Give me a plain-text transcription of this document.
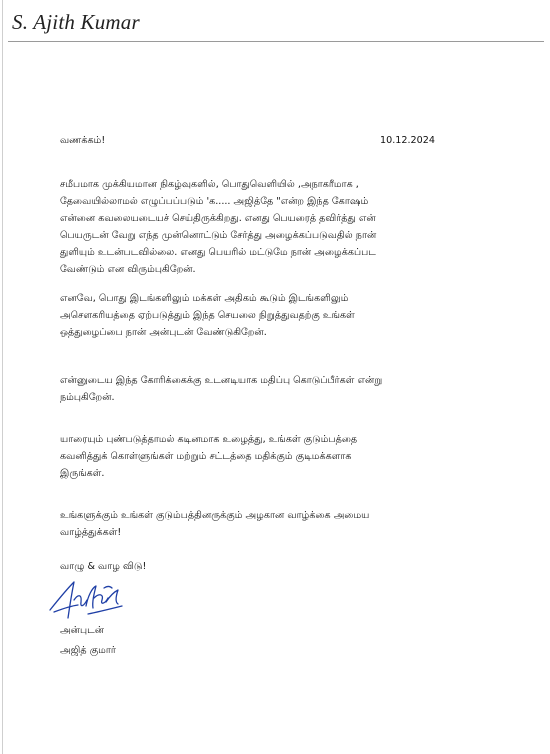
S. Ajith Kumar
வணக்கம்!	10.12.2024
சமீபமாக முக்கியமான நிகழ்வுகளில், பொதுவெளியில் ,அநாகரீமாக ,
தேவையில்லாமல் எழுப்பப்படும் 'க..... அஜித்தே "என்ற இந்த கோஷம்
என்னை கவலையடையச் செய்திருக்கிறது. எனது பெயரைத் தவிர்த்து என்
பெயருடன் வேறு எந்த முன்னொட்டும் சேர்த்து அழைக்கப்படுவதில் நான்
துளியும் உடன்படவில்லை. எனது பெயரில் மட்டுமே நான் அழைக்கப்பட
வேண்டும் என விரும்புகிறேன்.
எனவே, பொது இடங்களிலும் மக்கள் அதிகம் கூடும் இடங்களிலும்
அசௌகரியத்தை ஏற்படுத்தும் இந்த செயலை நிறுத்துவதற்கு உங்கள்
ஒத்துழைப்பை நான் அன்புடன் வேண்டுகிறேன்.
என்னுடைய இந்த கோரிக்கைக்கு உடனடியாக மதிப்பு கொடுப்பீர்கள் என்று
நம்புகிறேன்.
யாரையும் புண்படுத்தாமல் கடினமாக உழைத்து, உங்கள் குடும்பத்தை
கவனித்துக் கொள்ளுங்கள் மற்றும் சட்டத்தை மதிக்கும் குடிமக்களாக
இருங்கள்.
உங்களுக்கும் உங்கள் குடும்பத்தினருக்கும் அழகான வாழ்க்கை அமைய
வாழ்த்துக்கள்!
வாழு & வாழ விடு!
அன்புடன்
அஜித் குமார்
